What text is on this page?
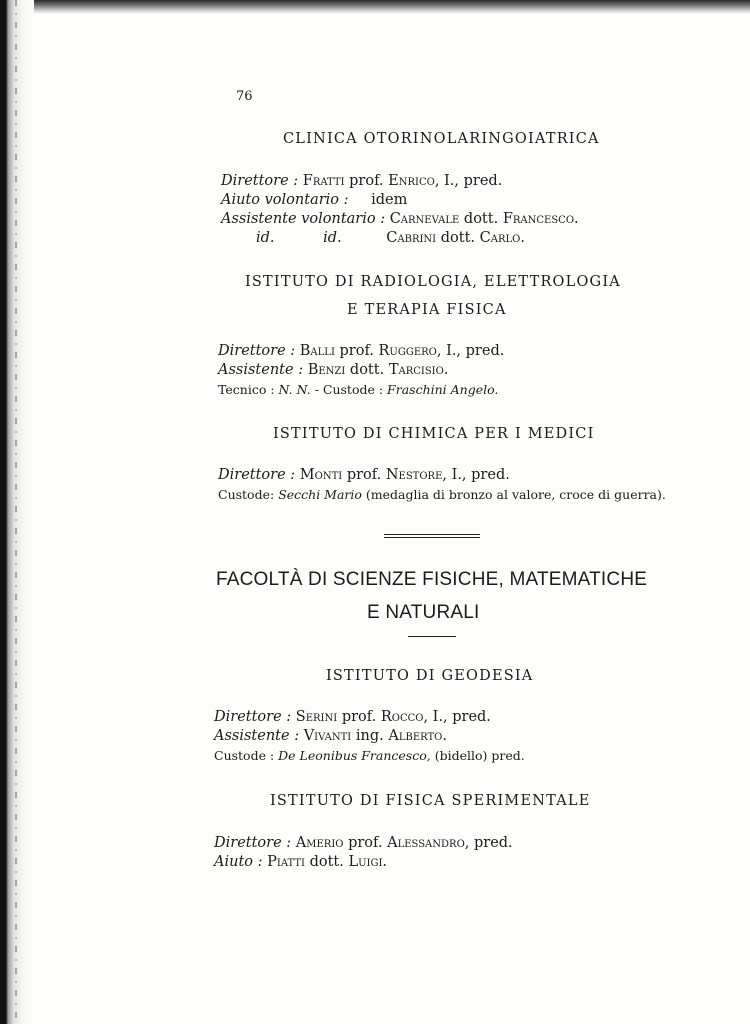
76
CLINICA OTORINOLARINGOIATRICA
Direttore : Fratti prof. Enrico, I., pred.
Aiuto volontario : idem
Assistente volontario : Carnevale dott. Francesco.
id.	id.	Cabrini dott. Carlo.
ISTITUTO DI RADIOLOGIA, ELETTROLOGIA
E TERAPIA FISICA
Direttore : Balli prof. Ruggero, I., pred.
Assistente : Benzi dott. Tarcisio.
Tecnico : N. N. - Custode : Fraschini Angelo.
ISTITUTO DI CHIMICA PER I MEDICI
Direttore : Monti prof. Nestore, I., pred.
Custode: Secchi Mario (medaglia di bronzo al valore, croce di guerra).
FACOLTÀ DI SCIENZE FISICHE, MATEMATICHE
E NATURALI
ISTITUTO DI GEODESIA
Direttore : Serini prof. Rocco, I., pred.
Assistente : Vivanti ing. Alberto.
Custode : De Leonibus Francesco, (bidello) pred.
ISTITUTO DI FISICA SPERIMENTALE
Direttore : Amerio prof. Alessandro, pred.
Aiuto : Piatti dott. Luigi.
